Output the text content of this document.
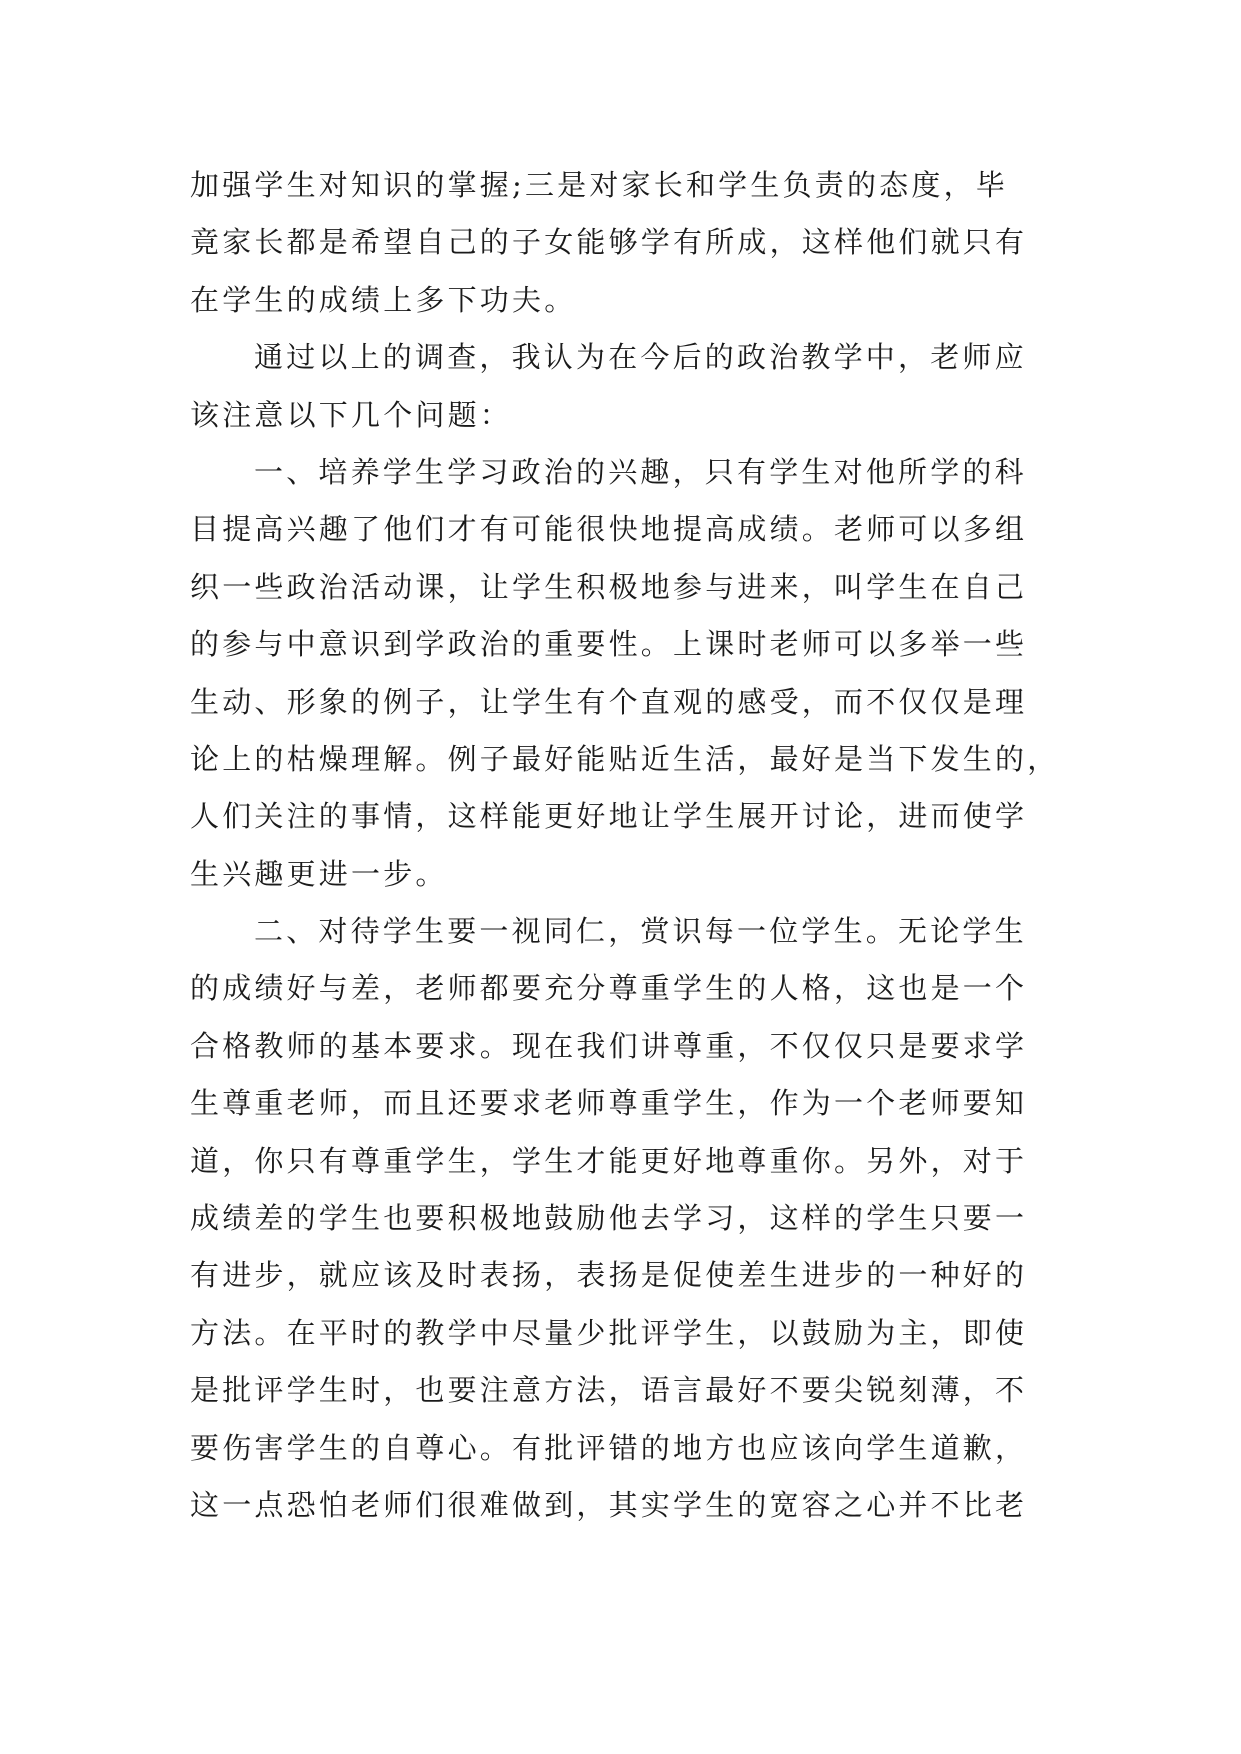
加强学生对知识的掌握;三是对家长和学生负责的态度，毕
竟家长都是希望自己的子女能够学有所成，这样他们就只有
在学生的成绩上多下功夫。
通过以上的调查，我认为在今后的政治教学中，老师应
该注意以下几个问题：
一、培养学生学习政治的兴趣，只有学生对他所学的科
目提高兴趣了他们才有可能很快地提高成绩。老师可以多组
织一些政治活动课，让学生积极地参与进来，叫学生在自己
的参与中意识到学政治的重要性。上课时老师可以多举一些
生动、形象的例子，让学生有个直观的感受，而不仅仅是理
论上的枯燥理解。例子最好能贴近生活，最好是当下发生的，
人们关注的事情，这样能更好地让学生展开讨论，进而使学
生兴趣更进一步。
二、对待学生要一视同仁，赏识每一位学生。无论学生
的成绩好与差，老师都要充分尊重学生的人格，这也是一个
合格教师的基本要求。现在我们讲尊重，不仅仅只是要求学
生尊重老师，而且还要求老师尊重学生，作为一个老师要知
道，你只有尊重学生，学生才能更好地尊重你。另外，对于
成绩差的学生也要积极地鼓励他去学习，这样的学生只要一
有进步，就应该及时表扬，表扬是促使差生进步的一种好的
方法。在平时的教学中尽量少批评学生，以鼓励为主，即使
是批评学生时，也要注意方法，语言最好不要尖锐刻薄，不
要伤害学生的自尊心。有批评错的地方也应该向学生道歉，
这一点恐怕老师们很难做到，其实学生的宽容之心并不比老
